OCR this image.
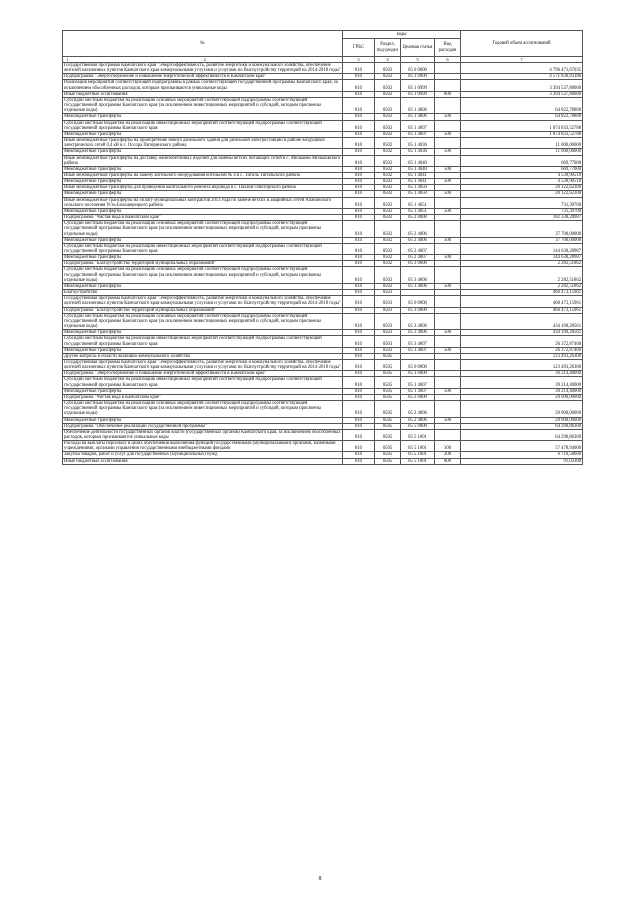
№	коды				Годовой объем ассигнований
	ГРБС	Раздел, под-раздел	Целевая статья	Вид расходов	

1 2	3	4	5	6	7
Государственная программа Камчатского края "Энергоэффективность, развитие энергетики и коммунального хозяйства, обеспечение жителей населенных пунктов Камчатского края коммунальными услугами и услугами по благоустройству территорий на 2014-2018 годы"	810	0502	05 0 0000		4 796 471,67035
Подпрограмма "Энергосбережение и повышение энергетической эффективности в Камчатском крае"	810	0502	05 1 0000		4 571 830,83186
Реализация мероприятий соответствующей подпрограммы в рамках соответствующей государственной программы Камчатского края, за исключением обособленных расходов, которым присваиваются уникальные коды	810	0502	05 1 0999		3 394 537,80000
Иные бюджетные ассигнования	810	0502	05 1 0999	800	3 394 537,80000
Субсидии местным бюджетам на реализацию основных мероприятий соответствующей подпрограммы соответствующей государственной программы Камчатского края (за исключением инвестиционных мероприятий и субсидий, которым присвоены отдельные коды)	810	0502	05 1 4006		64 822,78888
Межбюджетные трансферты	810	0502	05 1 4006	500	64 822,78888
Субсидии местным бюджетам на реализацию инвестиционных мероприятий соответствующей подпрограммы соответствующей государственной программы Камчатского края	810	0502	05 1 4007		1 074 833,52788
Межбюджетные трансферты	810	0502	05 1 4007	500	1 074 833,52788
Иные межбюджетные трансферты на приобретение нового дизельного здания для дизельной электростанции в районе воздушных электрических сетей 0,4 кВ в с. Оссора Питеринского района	810	0502	05 1 4036		11 000,00000
Межбюджетные трансферты	810	0502	05 1 4036	500	11 000,00000
Иные межбюджетные трансферты на доставку железобетонных изделий для замены ветхих питающих сетей в с. Мильково Мильковского района	810	0502	05 1 4040		669,77000
Межбюджетные трансферты	810	0502	05 1 4040	500	669,77000
Иные межбюджетные трансферты на замену котельного оборудования котельной № 4 в с. Тигиль Тигильского района	810	0502	05 1 4041		4 530,90510
Межбюджетные трансферты	810	0502	05 1 4041	500	4 530,90510
Иные межбюджетные трансферты для проведения капитального ремонта водовода в с. Пахачи Олюторского района	810	0502	05 1 4050		20 122,62300
Межбюджетные трансферты	810	0502	05 1 4050	500	20 122,62300
Иные межбюджетные трансферты на оплату муниципальных контрактов 2013 года по замене ветхих и аварийных сетей Апачинского сельского поселения Усть-Большерецкого района	810	0502	05 1 4051		731,39700
Межбюджетные трансферты	810	0502	05 1 4051	500	731,39700
Подпрограмма "Чистая вода в Камчатском крае"	810	0502	05 2 0000		182 338,28987
Субсидии местным бюджетам на реализацию основных мероприятий соответствующей подпрограммы соответствующей государственной программы Камчатского края (за исключением инвестиционных мероприятий и субсидий, которым присвоены отдельные коды)	810	0502	05 2 4006		37 700,00000
Межбюджетные трансферты	810	0502	05 2 4006	500	37 700,00000
Субсидии местным бюджетам на реализацию инвестиционных мероприятий соответствующей подпрограммы соответствующей государственной программы Камчатского края	810	0502	05 2 4007		144 638,28987
Межбюджетные трансферты	810	0502	05 2 4007	500	144 638,28987
Подпрограмма "Благоустройство территорий муниципальных образований"	810	0502	05 3 0000		2 282,51862
Субсидии местным бюджетам на реализацию основных мероприятий соответствующей подпрограммы соответствующей государственной программы Камчатского края (за исключением инвестиционных мероприятий и субсидий, которым присвоены отдельные коды)	810	0502	05 3 4006		2 282,51862
Межбюджетные трансферты	810	0502	05 3 4006	500	2 282,51862
Благоустройство	810	0503			460 473,15961
Государственная программа Камчатского края "Энергоэффективность, развитие энергетики и коммунального хозяйства, обеспечение жителей населенных пунктов Камчатского края коммунальными услугами и услугами по благоустройству территорий на 2014-2018 годы"	810	0503	05 0 0000		460 473,15961
Подпрограмма "Благоустройство территорий муниципальных образований"	810	0503	05 3 0000		460 473,15961
Субсидии местным бюджетам на реализацию основных мероприятий соответствующей подпрограммы соответствующей государственной программы Камчатского края (за исключением инвестиционных мероприятий и субсидий, которым присвоены отдельные коды)	810	0503	05 3 4006		434 100,28561
Межбюджетные трансферты	810	0503	05 3 4006	500	434 100,28561
Субсидии местным бюджетам на реализацию инвестиционных мероприятий соответствующей подпрограммы соответствующей государственной программы Камчатского края	810	0503	05 3 4007		26 372,87400
Межбюджетные трансферты	810	0503	05 3 4007	500	26 372,87400
Другие вопросы в области жилищно-коммунального хозяйства	810	0505			123 493,26300
Государственная программа Камчатского края "Энергоэффективность, развитие энергетики и коммунального хозяйства, обеспечение жителей населенных пунктов Камчатского края коммунальными услугами и услугами по благоустройству территорий на 2014-2018 годы"	810	0505	05 0 0000		123 493,26300
Подпрограмма "Энергосбережение и повышение энергетической эффективности в Камчатском крае"	810	0505	05 1 0000		39 214,40000
Субсидии местным бюджетам на реализацию инвестиционных мероприятий соответствующей подпрограммы соответствующей государственной программы Камчатского края	810	0505	05 1 4007		39 214,40000
Межбюджетные трансферты	810	0505	05 1 4007	500	39 214,40000
Подпрограмма "Чистая вода в Камчатском крае"	810	0505	05 2 0000		20 000,00000
Субсидии местным бюджетам на реализацию основных мероприятий соответствующей подпрограммы соответствующей государственной программы Камчатского края (за исключением инвестиционных мероприятий и субсидий, которым присвоены отдельные коды)	810	0505	05 2 4006		20 000,00000
Межбюджетные трансферты	810	0505	05 2 4006	500	20 000,00000
Подпрограмма "Обеспечение реализации государственной программы"	810	0505	05 5 0000		64 298,86300
Обеспечение деятельности государственных органов власти (государственных органов) Камчатского края, за исключением обособленных расходов, которым присваиваются уникальные коды	810	0505	05 5 1001		64 298,86300
Расходы на выплаты персоналу в целях обеспечения выполнения функций государственными (муниципальными) органами, казенными учреждениями, органами управления государственными внебюджетными фондами	810	0505	05 5 1001	100	57 478,94000
Закупка товаров, работ и услуг для государственных (муниципальных) нужд	810	0505	05 5 1001	200	6 710,58600
Иные бюджетные ассигнования	810	0505	05 5 1001	800	91,03300
8
